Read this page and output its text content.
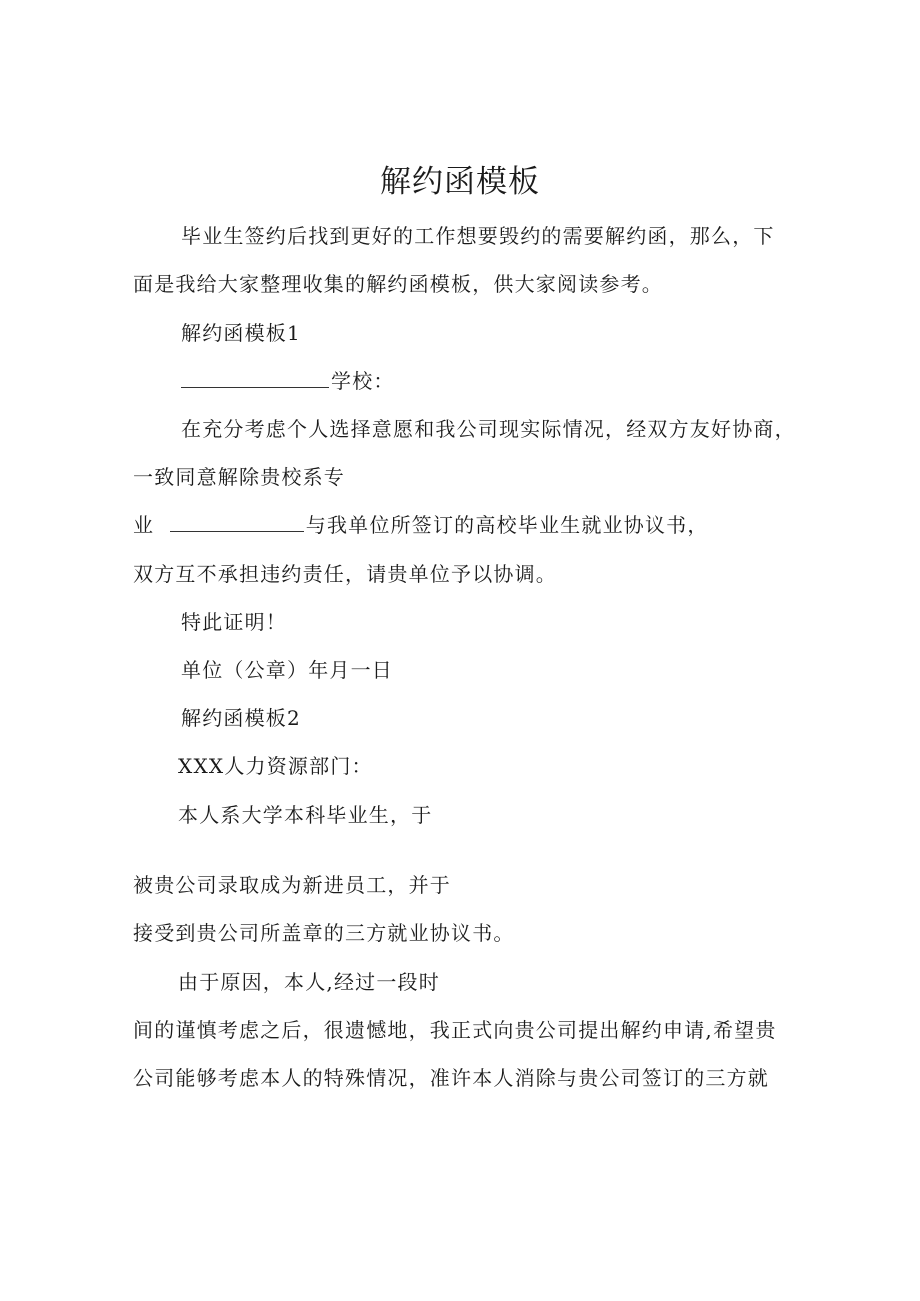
解约函模板

毕业生签约后找到更好的工作想要毁约的需要解约函，那么，下

面是我给大家整理收集的解约函模板，供大家阅读参考。

解约函模板1

学校：

在充分考虑个人选择意愿和我公司现实际情况，经双方友好协商，

一致同意解除贵校系专

业	与我单位所签订的高校毕业生就业协议书，

双方互不承担违约责任，请贵单位予以协调。

特此证明！

单位（公章）年月一日

解约函模板2

XXX人力资源部门：

本人系大学本科毕业生，于

被贵公司录取成为新进员工，并于

接受到贵公司所盖章的三方就业协议书。

由于原因，本人,经过一段时

间的谨慎考虑之后，很遗憾地，我正式向贵公司提出解约申请,希望贵

公司能够考虑本人的特殊情况，准许本人消除与贵公司签订的三方就
